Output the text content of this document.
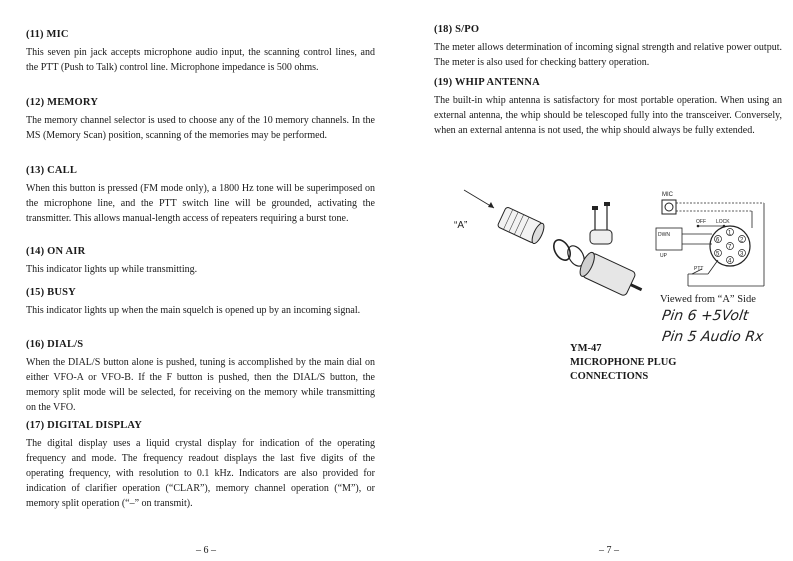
(11) MIC

This seven pin jack accepts microphone audio input, the scanning control lines, and the PTT (Push to Talk) control line. Microphone impedance is 500 ohms.

(12) MEMORY

The memory channel selector is used to choose any of the 10 memory channels. In the MS (Memory Scan) position, scanning of the memories may be performed.

(13) CALL

When this button is pressed (FM mode only), a 1800 Hz tone will be superimposed on the microphone line, and the PTT switch line will be grounded, activating the transmitter. This allows manual-length access of repeaters requiring a burst tone.

(14) ON AIR

This indicator lights up while transmitting.

(15) BUSY

This indicator lights up when the main squelch is opened up by an incoming signal.

(16) DIAL/S

When the DIAL/S button alone is pushed, tuning is accomplished by the main dial on either VFO-A or VFO-B. If the F button is pushed, then the DIAL/S button, the memory split mode will be selected, for receiving on the memory while transmitting on the VFO.

(17) DIGITAL DISPLAY

The digital display uses a liquid crystal display for indication of the operating frequency and mode. The frequency readout displays the last five digits of the operating frequency, with resolution to 0.1 kHz. Indicators are also provided for indication of clarifier operation (“CLAR”), memory channel operation (“M”), or memory split operation (“–” on transmit).

– 6 –
(18) S/PO

The meter allows determination of incoming signal strength and relative power output. The meter is also used for checking battery operation.

(19) WHIP ANTENNA

The built-in whip antenna is satisfactory for most portable operation. When using an external antenna, the whip should be telescoped fully into the transceiver. Conversely, when an external antenna is not used, the whip should always be fully extended.

“A”
MIC
OFF LOCK
DWN
UP
1
2
3
4
5
6
7
PTT
Viewed from “A” Side
Pin 6 +5Volt
Pin 5 Audio Rx
YM-47
MICROPHONE PLUG
CONNECTIONS
– 7 –
